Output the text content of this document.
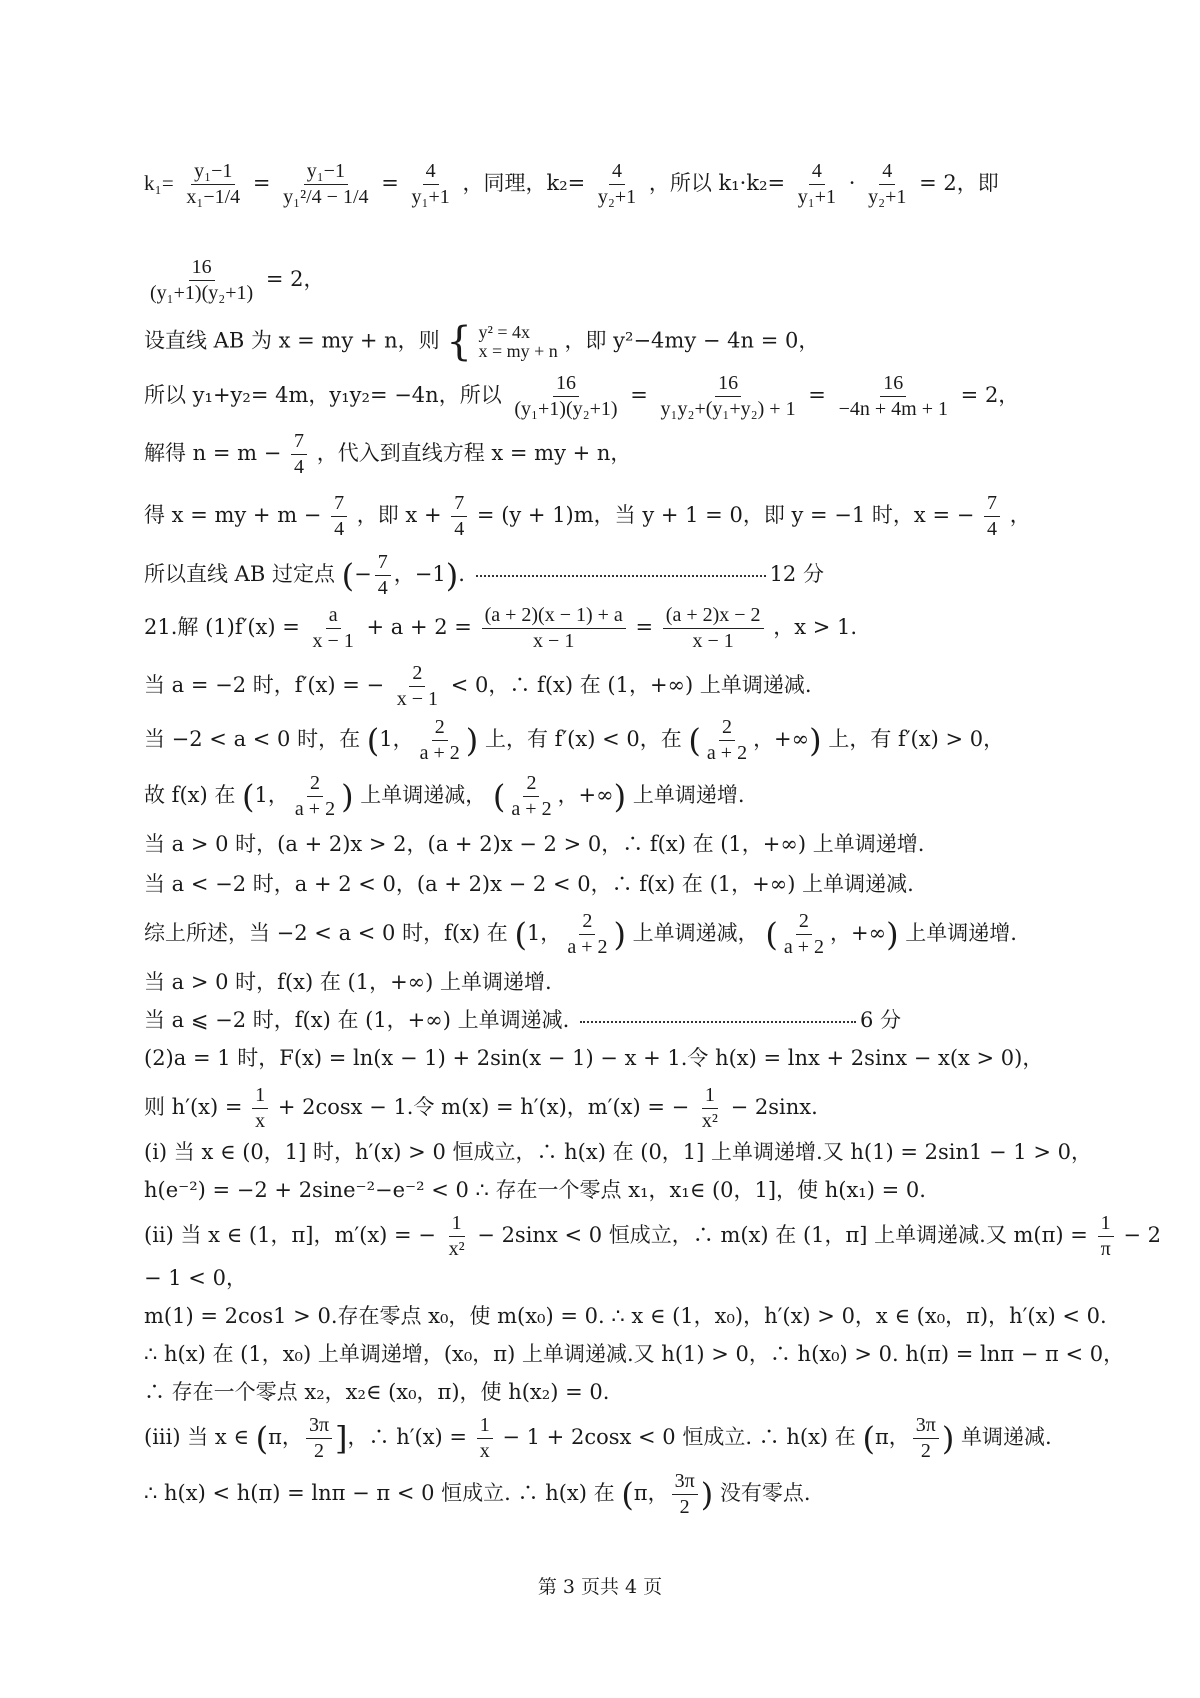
$k_1= \frac{\text{y₁−1}}{\text{x₁−1/4}} = \frac{\text{y₁−1}}{\text{y₁²/4 − 1/4}} = \frac{4}{\text{y₁+1}}$ ，同理，$k_2= \frac{4}{\text{y₂+1}}$ ，所以 $k_1\cdot k_2= \frac{4}{\text{y₁+1}} \cdot \frac{4}{\text{y₂+1}} = 2$，即
$\frac{16}{\text{(y₁+1)(y₂+1)}} = 2$，
设直线 AB 为 x = my + n，则 { y² = 4x
x = my + n ，即 y²−4my − 4n = 0，
所以 y₁+y₂= 4m，y₁y₂= −4n，所以 $\frac{16}{\text{(y₁+1)(y₂+1)}} = \frac{16}{\text{y₁y₂+(y₁+y₂) + 1}} = \frac{16}{-4n + 4m + 1} = 2$，
解得 $n = m - \frac{7}{4}$ ，代入到直线方程 x = my + n，
得 x = my + $m - \frac{7}{4}$ ，即 $x + \frac{7}{4} = (y + 1)m$，当 y + 1 = 0，即 y = −1 时，x = − $\frac{7}{4}$ ，
所以直线 AB 过定点 (− $\frac{7}{4}$ ，−1).	12 分
21.解 $(1)f'(x) = \frac{a}{x - 1} + a + 2 = \frac{(a + 2)(x - 1) + a}{x - 1} = \frac{(a + 2)x - 2}{x - 1}$ ，x > 1.
当 a = −2 时，f′(x) = − $\frac{2}{x - 1} < 0$，∴ f(x) 在 (1，+∞) 上单调递减.
当 −2 < a < 0 时，在 (1， $\frac{2}{a + 2}$ ) 上，有 f′(x) < 0，在 ( $\frac{2}{a + 2}$ ，+∞) 上，有 f′(x) > 0，
故 f(x) 在 (1， $\frac{2}{a + 2}$ ) 上单调递减， ( $\frac{2}{a + 2}$ ，+∞) 上单调递增.
当 a > 0 时，(a + 2)x > 2，(a + 2)x − 2 > 0，∴ f(x) 在 (1，+∞) 上单调递增.
当 a < −2 时，a + 2 < 0，(a + 2)x − 2 < 0，∴ f(x) 在 (1，+∞) 上单调递减.
综上所述，当 −2 < a < 0 时，f(x) 在 (1， $\frac{2}{a + 2}$ ) 上单调递减， ( $\frac{2}{a + 2}$ ，+∞) 上单调递增.
当 a > 0 时，f(x) 在 (1，+∞) 上单调递增.
当 a ⩽ −2 时，f(x) 在 (1，+∞) 上单调递减.	6 分
(2)a = 1 时，F(x) = ln(x − 1) + 2sin(x − 1) − x + 1.令 h(x) = lnx + 2sinx − x(x > 0)，
则 $h'(x) = \frac{1}{x} + 2\cos x - 1$.令 m(x) = h′(x)，m′(x) = − $\frac{1}{\text{x²}} - 2\sin x$.
(i) 当 x ∈ (0，1] 时，h′(x) > 0 恒成立，∴ h(x) 在 (0，1] 上单调递增.又 h(1) = 2sin1 − 1 > 0，
h(e⁻²) = −2 + 2sine⁻²−e⁻² < 0 ∴ 存在一个零点 x₁，x₁∈ (0，1]，使 h(x₁) = 0.
(ii) 当 x ∈ (1，π]，m′(x) = − $\frac{1}{\text{x²}} - 2\sin x < 0$ 恒成立，∴ m(x) 在 (1，π] 上单调递减.又 $m(\pi) = \frac{1}{\pi} - 2$
− 1 < 0，
m(1) = 2cos1 > 0.存在零点 x₀，使 m(x₀) = 0. ∴ x ∈ (1，x₀)，h′(x) > 0，x ∈ (x₀，π)，h′(x) < 0.
∴ h(x) 在 (1，x₀) 上单调递增，(x₀，π) 上单调递减.又 h(1) > 0，∴ h(x₀) > 0. h(π) = lnπ − π < 0，
∴ 存在一个零点 x₂，x₂∈ (x₀，π)，使 h(x₂) = 0.
(iii) 当 x ∈ (π， $\frac{3\pi}{2}$ ]，∴ $h'(x) = \frac{1}{x} - 1 + 2\cos x < 0$ 恒成立. ∴ h(x) 在 (π， $\frac{3\pi}{2}$ ) 单调递减.
∴ h(x) < h(π) = lnπ − π < 0 恒成立. ∴ h(x) 在 (π， $\frac{3\pi}{2}$ ) 没有零点.
第 3 页共 4 页
